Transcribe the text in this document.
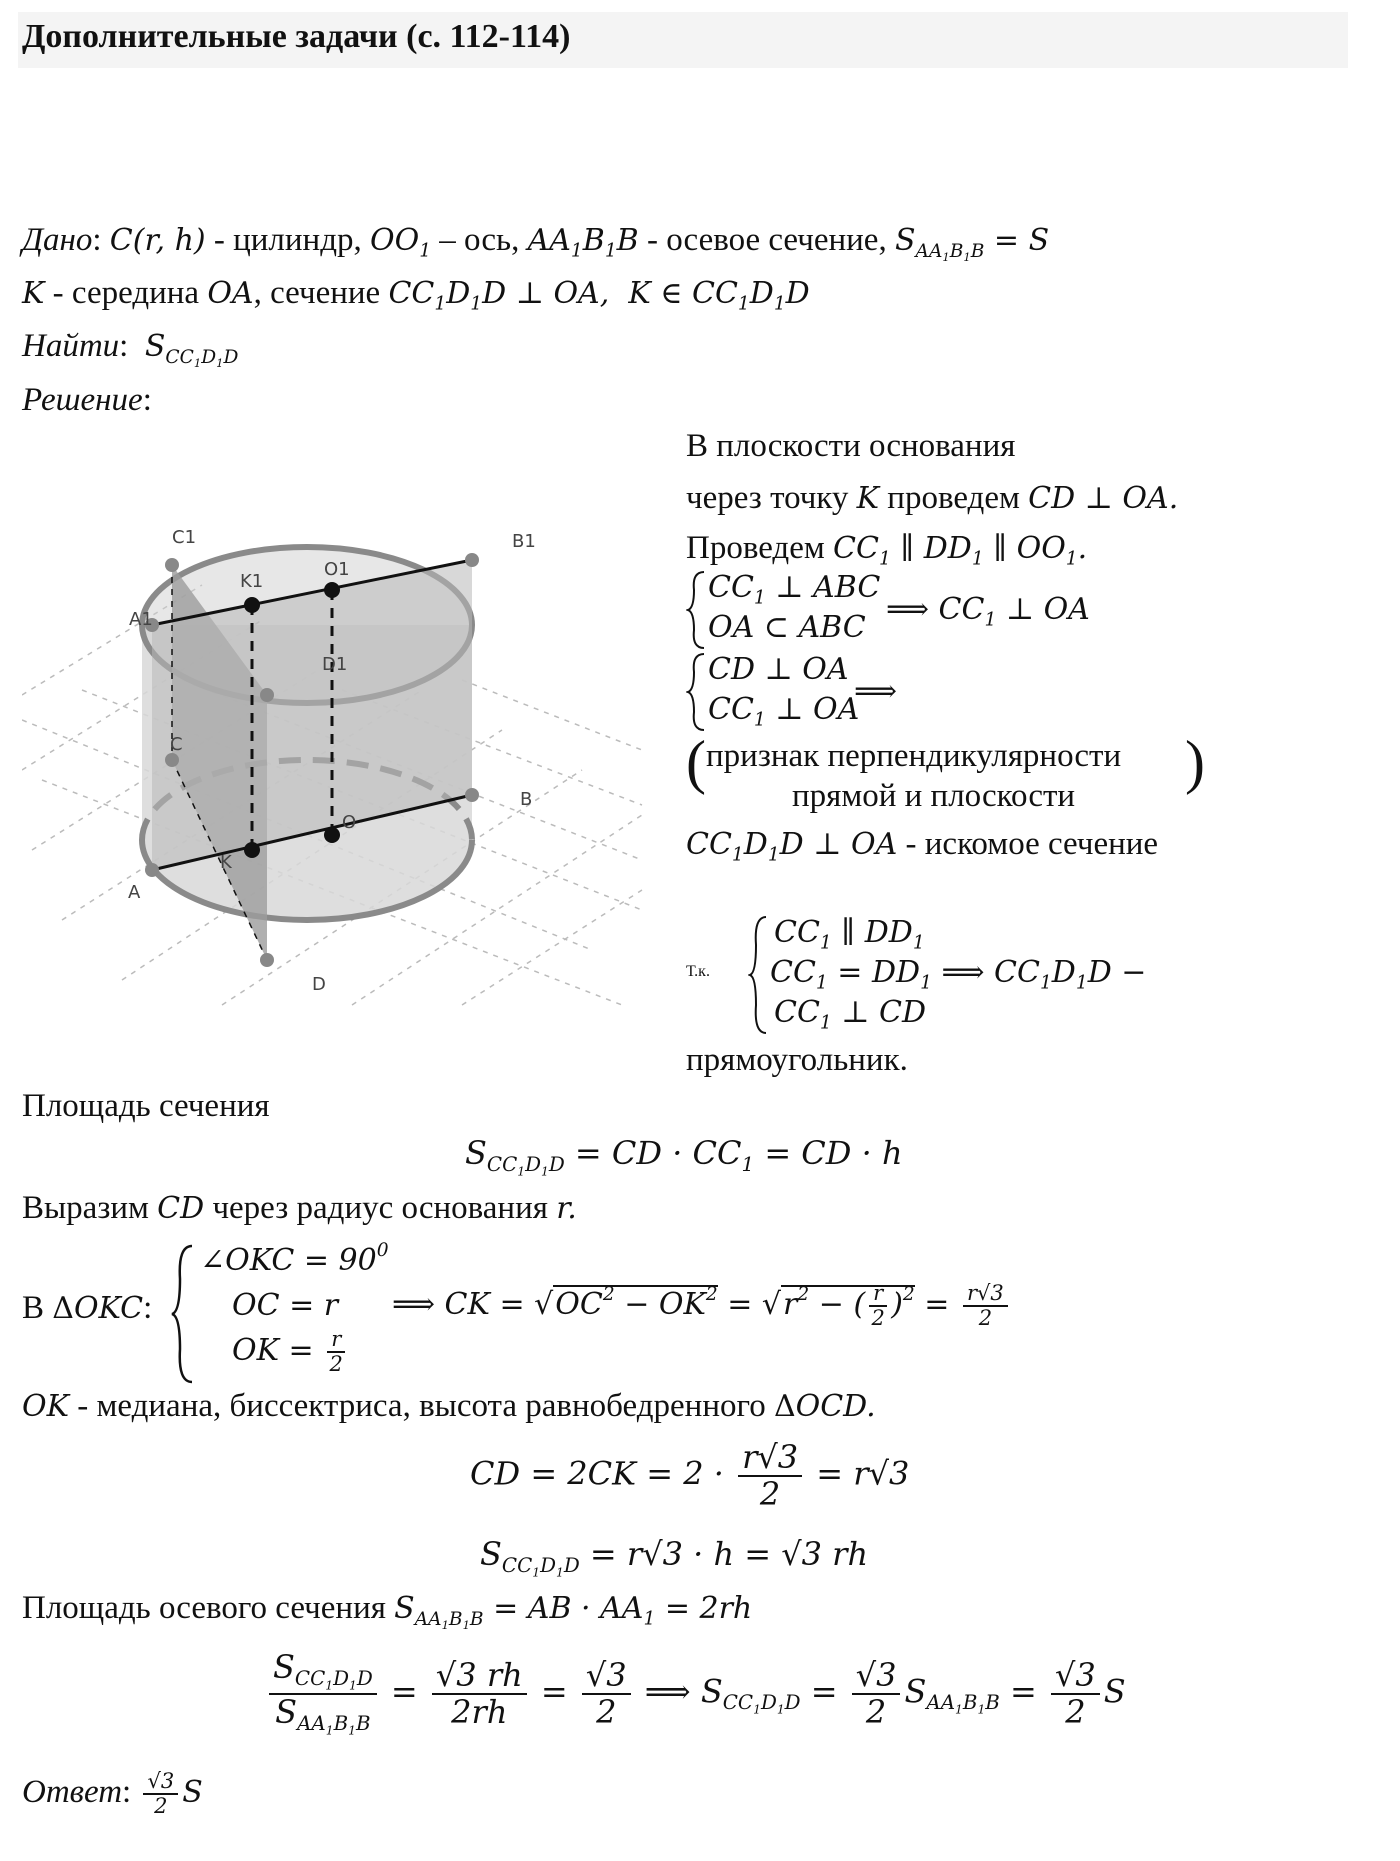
Дополнительные задачи (с. 112-114)
Дано: C(r, h) - цилиндр, $OO_1$ – ось, $AA_1B_1B$ - осевое сечение, $S_{AA_1B_1B} = S$
K - середина OA, сечение $CC_1D_1D$ ⊥ OA,  K ∈ $CC_1D_1D$
Найти:  $S_{CC_1D_1D}$
Решение:
C1	B1
O1
K1
A1
D1
C
B
O
K
A
D
В плоскости основания
через точку K проведем CD ⊥ OA.
Проведем $CC_1$ ∥ $DD_1$ ∥ $OO_1$.
$CC_1$ ⊥ ABC
OA ⊂ ABC
⟹ $CC_1$ ⊥ OA
CD ⊥ OA
$CC_1$ ⊥ OA
⟹
(	)
признак перпендикулярности
прямой и плоскости
$CC_1D_1D$ ⊥ OA - искомое сечение
Т.к.
$CC_1$ ∥ $DD_1$
$CC_1 = DD_1$ ⟹ $CC_1D_1D$ −
$CC_1$ ⊥ CD
прямоугольник.
Площадь сечения
$S_{CC_1D_1D}$ = CD · $CC_1$ = CD · h
Выразим CD через радиус основания r.
В ΔOKC:
∠OKC = $90^0$
OC = r
OK = $\frac{r}{2}$
⟹ CK = $√OC^2 - OK^2 = √r^2$ − ( $\frac{r}{2} )^2 = \frac{r√3}{2}$
OK - медиана, биссектриса, высота равнобедренного ΔOCD.
CD = $2CK = 2 \cdot \frac{r√3}{2} = r√3$
$S_{CC_1D_1D} = r√3 \cdot h = √3$ rh
Площадь осевого сечения $S_{AA_1B_1B}$ = AB · $AA_1 = 2rh$
$\frac{S_{CC_1D_1D}}{S_{AA_1B_1B}} = \frac{√3 rh}{2rh} = \frac{√3}{2}$ ⟹ $S_{CC_1D_1D} = \frac{√3}{2} S_{AA_1B_1B} = \frac{√3}{2}$ S
Ответ: $\frac{√3}{2}$ S
